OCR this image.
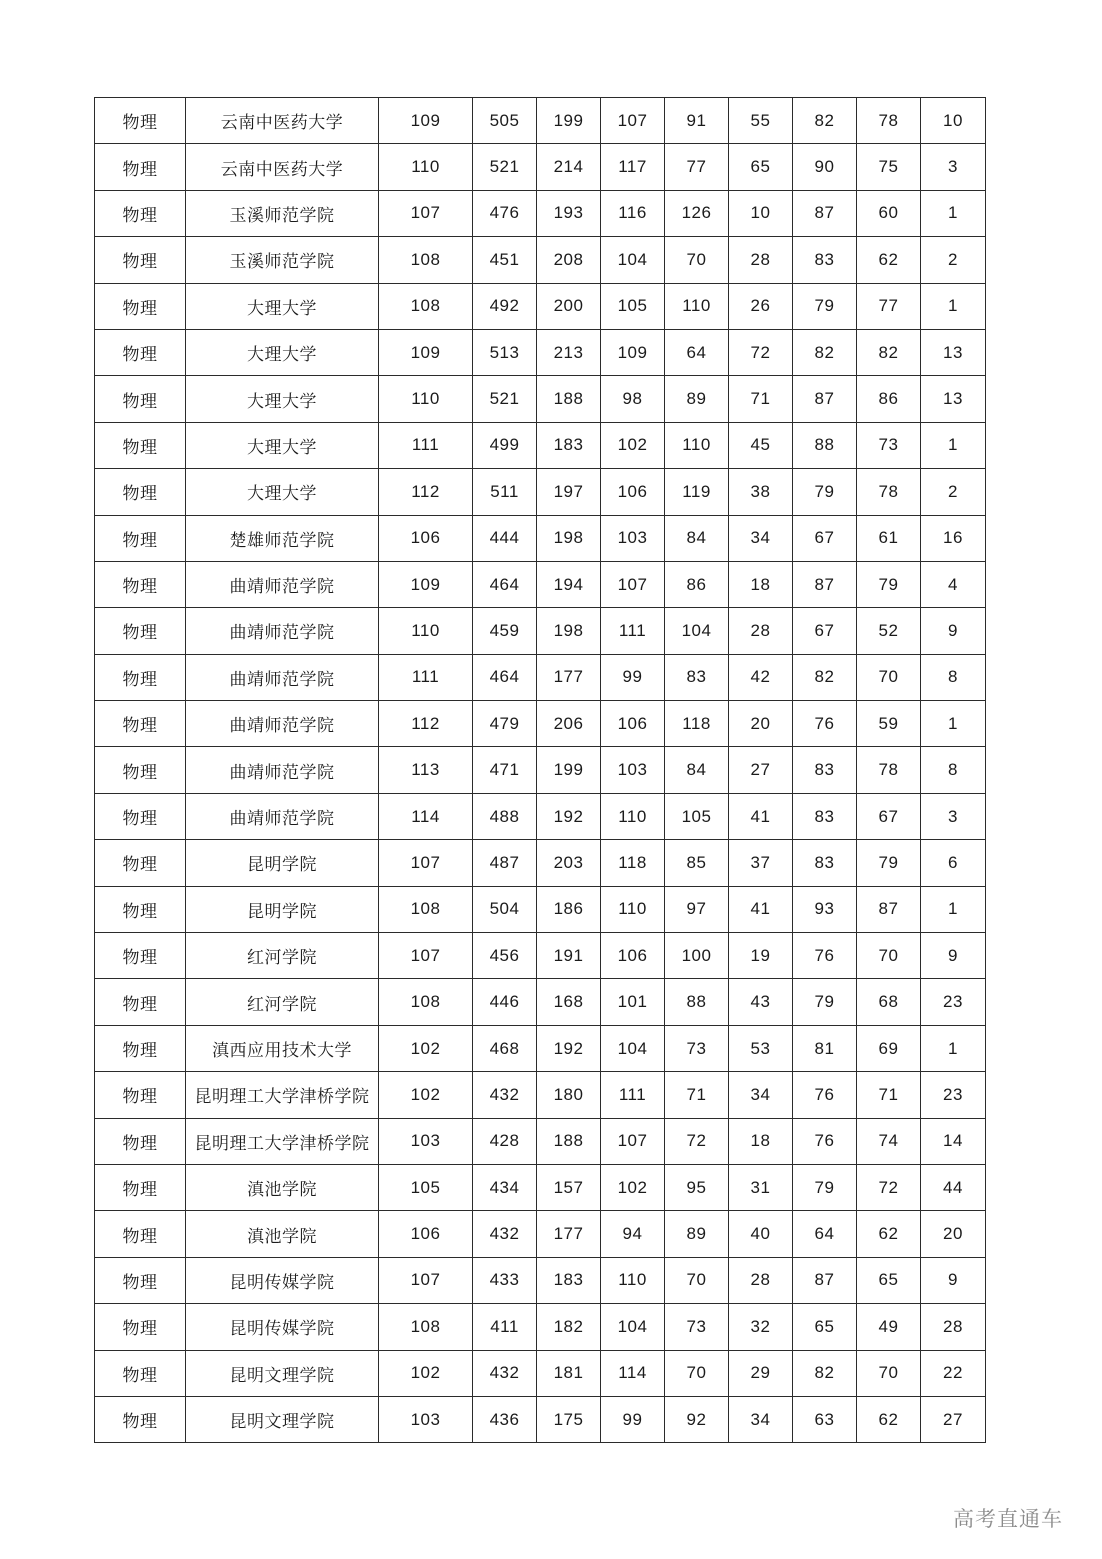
物理	云南中医药大学	109	505	199	107	91	55	82	78	10
物理	云南中医药大学	110	521	214	117	77	65	90	75	3
物理	玉溪师范学院	107	476	193	116	126	10	87	60	1
物理	玉溪师范学院	108	451	208	104	70	28	83	62	2
物理	大理大学	108	492	200	105	110	26	79	77	1
物理	大理大学	109	513	213	109	64	72	82	82	13
物理	大理大学	110	521	188	98	89	71	87	86	13
物理	大理大学	111	499	183	102	110	45	88	73	1
物理	大理大学	112	511	197	106	119	38	79	78	2
物理	楚雄师范学院	106	444	198	103	84	34	67	61	16
物理	曲靖师范学院	109	464	194	107	86	18	87	79	4
物理	曲靖师范学院	110	459	198	111	104	28	67	52	9
物理	曲靖师范学院	111	464	177	99	83	42	82	70	8
物理	曲靖师范学院	112	479	206	106	118	20	76	59	1
物理	曲靖师范学院	113	471	199	103	84	27	83	78	8
物理	曲靖师范学院	114	488	192	110	105	41	83	67	3
物理	昆明学院	107	487	203	118	85	37	83	79	6
物理	昆明学院	108	504	186	110	97	41	93	87	1
物理	红河学院	107	456	191	106	100	19	76	70	9
物理	红河学院	108	446	168	101	88	43	79	68	23
物理	滇西应用技术大学	102	468	192	104	73	53	81	69	1
物理	昆明理工大学津桥学院	102	432	180	111	71	34	76	71	23
物理	昆明理工大学津桥学院	103	428	188	107	72	18	76	74	14
物理	滇池学院	105	434	157	102	95	31	79	72	44
物理	滇池学院	106	432	177	94	89	40	64	62	20
物理	昆明传媒学院	107	433	183	110	70	28	87	65	9
物理	昆明传媒学院	108	411	182	104	73	32	65	49	28
物理	昆明文理学院	102	432	181	114	70	29	82	70	22
物理	昆明文理学院	103	436	175	99	92	34	63	62	27
高考直通车
